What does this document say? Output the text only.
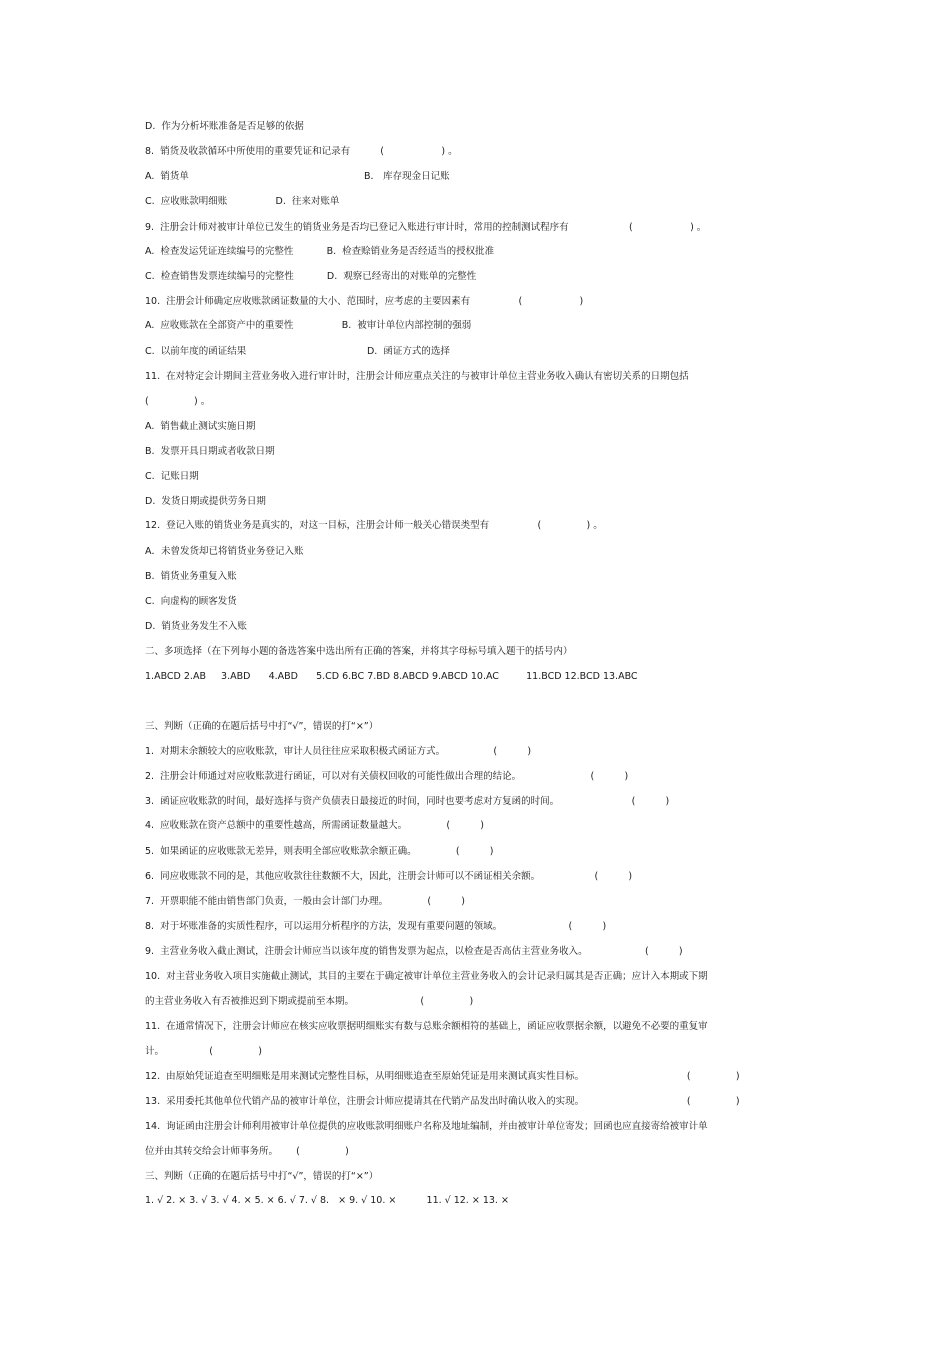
D.  作为分析坏账准备是否足够的依据
8.  销货及收款循环中所使用的重要凭证和记录有          (                   ) 。
A.  销货单                                                          B． 库存现金日记账
C.  应收账款明细账                D.  往来对账单
9.  注册会计师对被审计单位已发生的销货业务是否均已登记入账进行审计时，常用的控制测试程序有                    (                   ) 。
A.  检查发运凭证连续编号的完整性           B.  检查赊销业务是否经适当的授权批准
C.  检查销售发票连续编号的完整性           D.  观察已经寄出的对账单的完整性
10.  注册会计师确定应收账款函证数量的大小、范围时，应考虑的主要因素有                (                   )
A.  应收账款在全部资产中的重要性                B.  被审计单位内部控制的强弱
C.  以前年度的函证结果                                        D.  函证方式的选择
11.  在对特定会计期间主营业务收入进行审计时，注册会计师应重点关注的与被审计单位主营业务收入确认有密切关系的日期包括
(               ) 。
A.  销售截止测试实施日期
B.  发票开具日期或者收款日期
C.  记账日期
D.  发货日期或提供劳务日期
12.  登记入账的销货业务是真实的，对这一目标，注册会计师一般关心错误类型有                (               ) 。
A．未曾发货却已将销货业务登记入账
B.  销货业务重复入账
C.  向虚构的顾客发货
D.  销货业务发生不入账
二、多项选择（在下列每小题的备选答案中选出所有正确的答案，并将其字母标号填入题干的括号内）
1.ABCD 2.AB     3.ABD      4.ABD      5.CD 6.BC 7.BD 8.ABCD 9.ABCD 10.AC         11.BCD 12.BCD 13.ABC
三、判断（正确的在题后括号中打“√”，错误的打“×”）
1.  对期末余额较大的应收账款，审计人员往往应采取积极式函证方式。                (          )
2.  注册会计师通过对应收账款进行函证，可以对有关债权回收的可能性做出合理的结论。                       (          )
3.  函证应收账款的时间，最好选择与资产负债表日最接近的时间，同时也要考虑对方复函的时间。                        (          )
4.  应收账款在资产总额中的重要性越高，所需函证数量越大。             (          )
5.  如果函证的应收账款无差异，则表明全部应收账款余额正确。             (          )
6.  同应收账款不同的是，其他应收款往往数额不大，因此，注册会计师可以不函证相关余额。                  (          )
7.  开票职能不能由销售部门负责，一般由会计部门办理。             (          )
8.  对于坏账准备的实质性程序，可以运用分析程序的方法，发现有重要问题的领域。                      (          )
9.  主营业务收入截止测试，注册会计师应当以该年度的销售发票为起点，以检查是否高估主营业务收入。                   (          )
10.  对主营业务收入项目实施截止测试，其目的主要在于确定被审计单位主营业务收入的会计记录归属其是否正确；应计入本期或下期
的主营业务收入有否被推迟到下期或提前至本期。                      (               )
11.  在通常情况下，注册会计师应在核实应收票据明细账实有数与总账余额相符的基础上，函证应收票据余额，以避免不必要的重复审
计。               (               )
12.  由原始凭证追查至明细账是用来测试完整性目标，从明细账追查至原始凭证是用来测试真实性目标。                                  (               )
13.  采用委托其他单位代销产品的被审计单位，注册会计师应提请其在代销产品发出时确认收入的实现。                                  (               )
14.  询证函由注册会计师利用被审计单位提供的应收账款明细账户名称及地址编制，并由被审计单位寄发；回函也应直接寄给被审计单
位并由其转交给会计师事务所。      (               )
三、判断（正确的在题后括号中打“√”，错误的打“×”）
1. √ 2. × 3. √ 3. √ 4. × 5. × 6. √ 7. √ 8.   × 9. √ 10. ×          11. √ 12. × 13. ×
